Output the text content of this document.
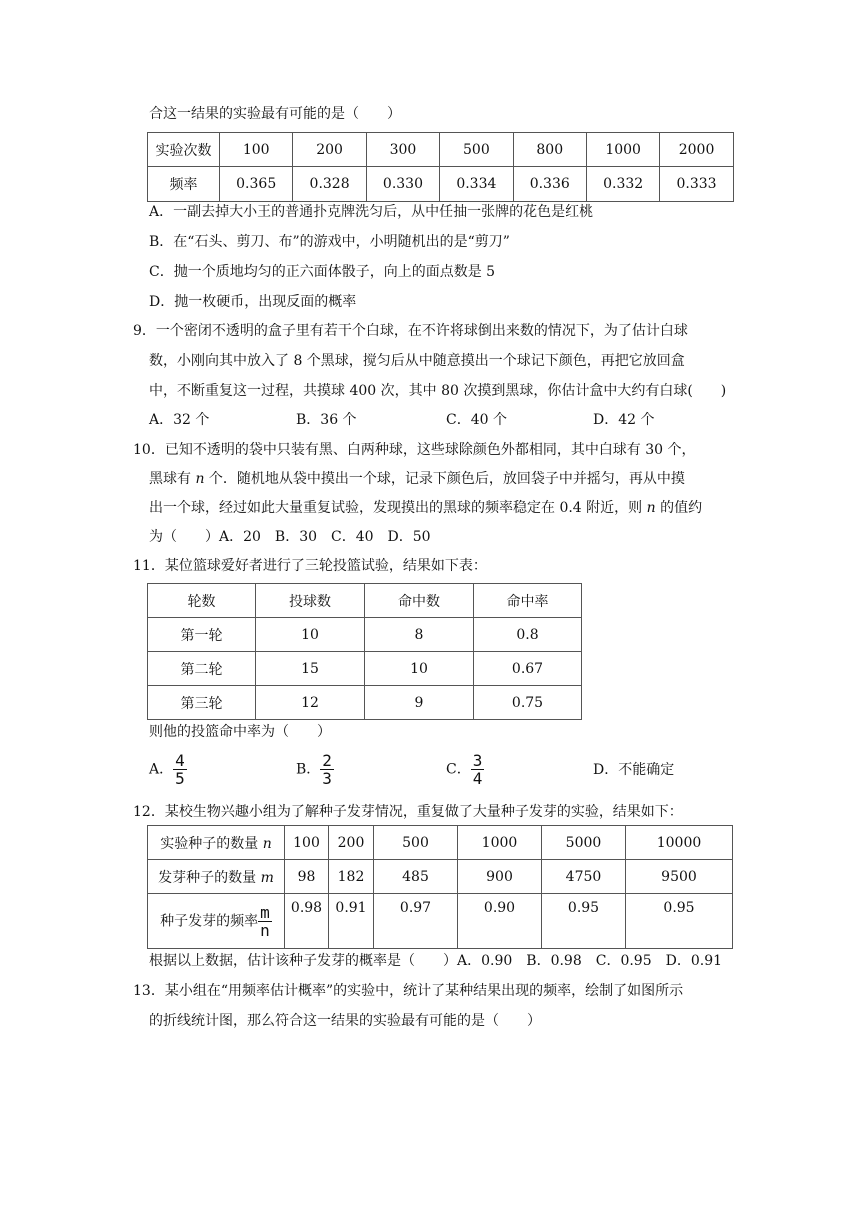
合这一结果的实验最有可能的是（　　）
实验次数	100	200	300	500	800	1000	2000
频率	0.365	0.328	0.330	0.334	0.336	0.332	0.333
A．一副去掉大小王的普通扑克牌洗匀后，从中任抽一张牌的花色是红桃
B．在“石头、剪刀、布”的游戏中，小明随机出的是“剪刀”
C．抛一个质地均匀的正六面体骰子，向上的面点数是 5
D．抛一枚硬币，出现反面的概率
9．一个密闭不透明的盒子里有若干个白球，在不许将球倒出来数的情况下，为了估计白球
数，小刚向其中放入了 8 个黑球，搅匀后从中随意摸出一个球记下颜色，再把它放回盒
中，不断重复这一过程，共摸球 400 次，其中 80 次摸到黑球，你估计盒中大约有白球(　　)
A．32 个	B．36 个	C．40 个	D．42 个
10．已知不透明的袋中只装有黑、白两种球，这些球除颜色外都相同，其中白球有 30 个，
黑球有 n 个．随机地从袋中摸出一个球，记录下颜色后，放回袋子中并摇匀，再从中摸
出一个球，经过如此大量重复试验，发现摸出的黑球的频率稳定在 0.4 附近，则 n 的值约
为（　　）A．20　B．30　C．40　D．50
11．某位篮球爱好者进行了三轮投篮试验，结果如下表：
轮数	投球数	命中数	命中率
第一轮	10	8	0.8
第二轮	15	10	0.67
第三轮	12	9	0.75
则他的投篮命中率为（　　）
A． $\frac{4}{5}$	B． $\frac{2}{3}$	C． $\frac{3}{4}$	D．不能确定
12．某校生物兴趣小组为了解种子发芽情况，重复做了大量种子发芽的实验，结果如下：
实验种子的数量 n	100	200	500	1000	5000	10000
发芽种子的数量 m	98	182	485	900	4750	9500
种子发芽的频率 $\frac{m}{n}$	0.98	0.91	0.97	0.90	0.95	0.95
根据以上数据，估计该种子发芽的概率是（　　）A．0.90　B．0.98　C．0.95　D．0.91
13．某小组在“用频率估计概率”的实验中，统计了某种结果出现的频率，绘制了如图所示
的折线统计图，那么符合这一结果的实验最有可能的是（　　）
